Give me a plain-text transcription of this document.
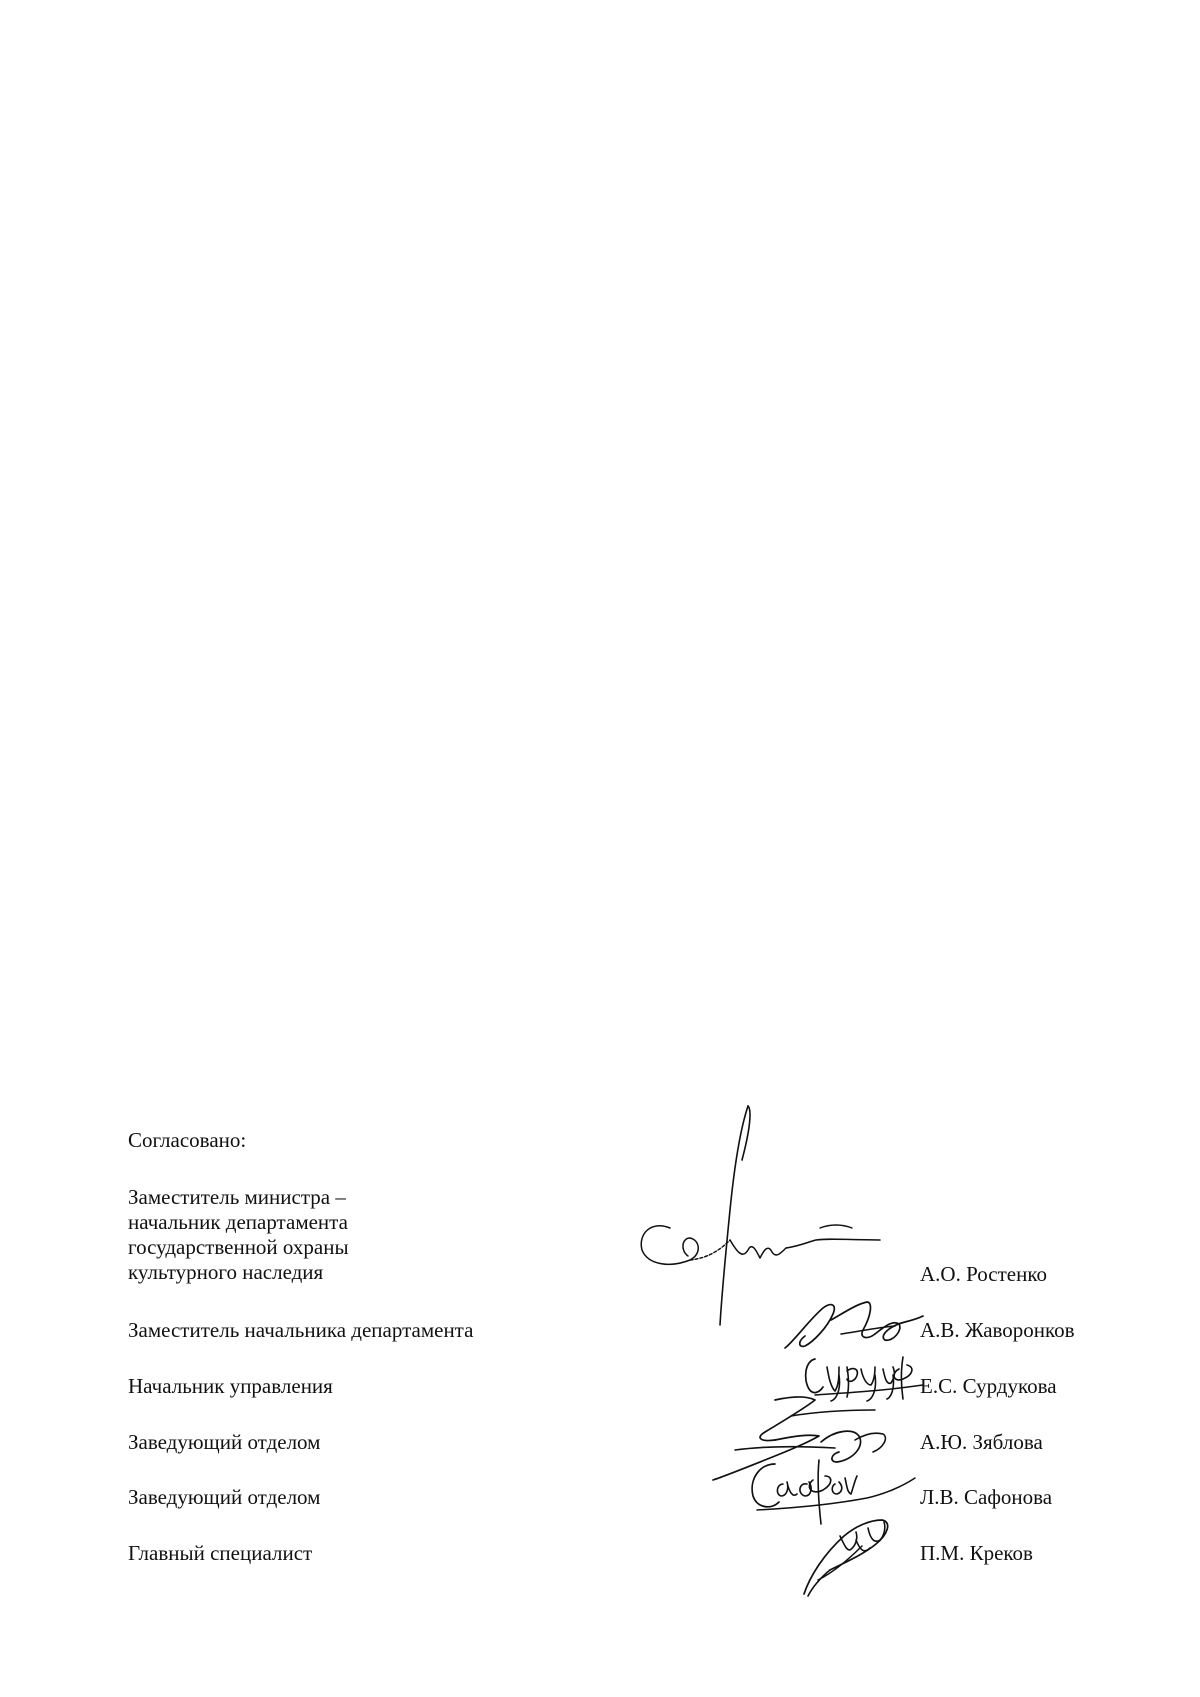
Согласовано:
Заместитель министра –
начальник департамента
государственной охраны
культурного наследия	А.О. Ростенко
Заместитель начальника департамента	А.В. Жаворонков
Начальник управления	Е.С. Сурдукова
Заведующий отделом	А.Ю. Зяблова
Заведующий отделом	Л.В. Сафонова
Главный специалист	П.М. Креков
